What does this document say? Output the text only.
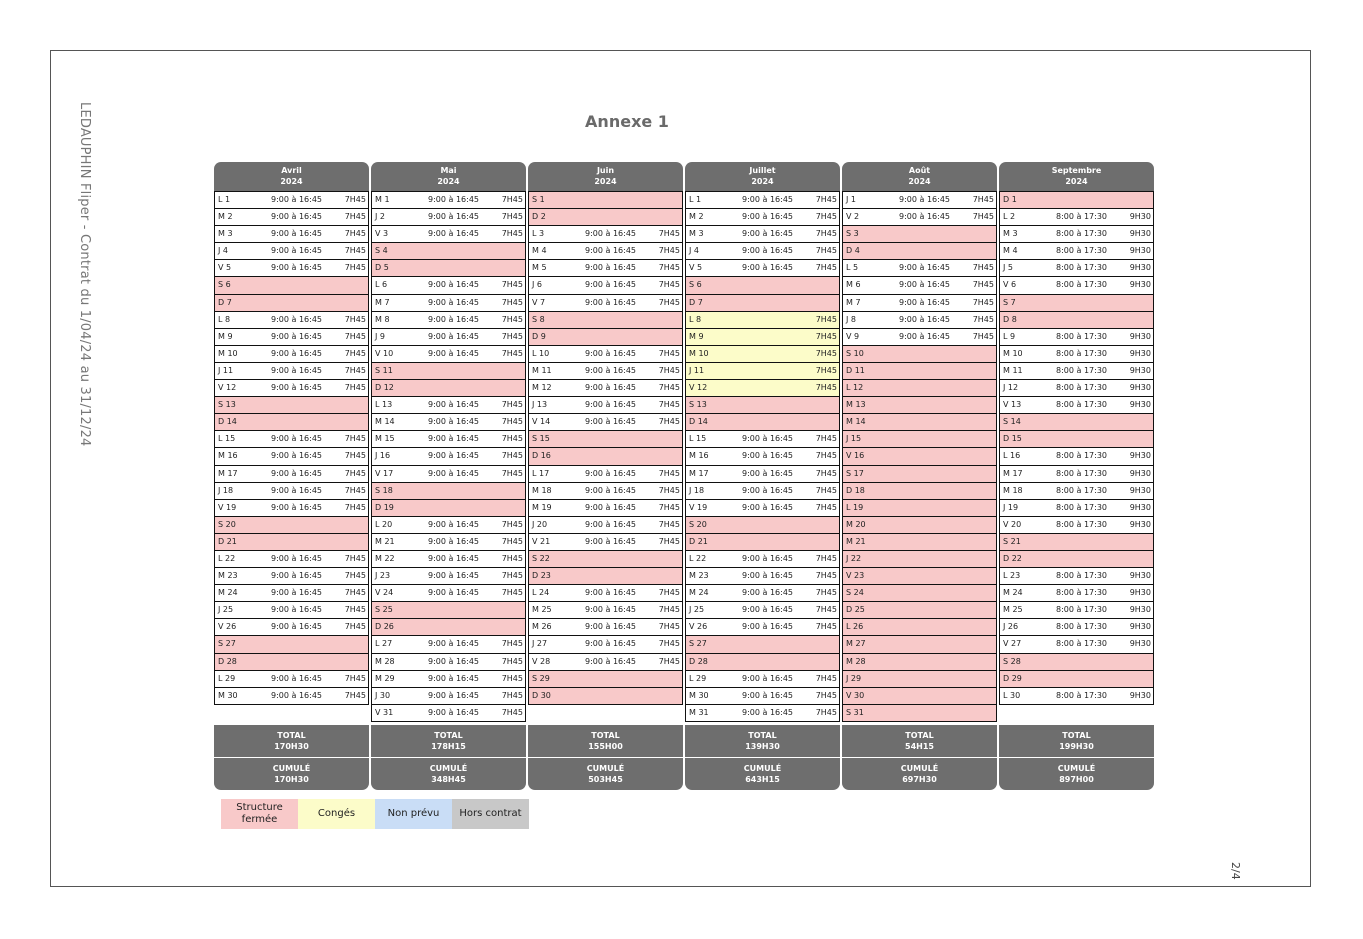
LEDAUPHIN Fliper - Contrat du 1/04/24 au 31/12/24
2/4
Annexe 1
Avril
2024
L 1	9:00 à 16:45	7H45
M 2	9:00 à 16:45	7H45
M 3	9:00 à 16:45	7H45
J 4	9:00 à 16:45	7H45
V 5	9:00 à 16:45	7H45
S 6
D 7
L 8	9:00 à 16:45	7H45
M 9	9:00 à 16:45	7H45
M 10	9:00 à 16:45	7H45
J 11	9:00 à 16:45	7H45
V 12	9:00 à 16:45	7H45
S 13
D 14
L 15	9:00 à 16:45	7H45
M 16	9:00 à 16:45	7H45
M 17	9:00 à 16:45	7H45
J 18	9:00 à 16:45	7H45
V 19	9:00 à 16:45	7H45
S 20
D 21
L 22	9:00 à 16:45	7H45
M 23	9:00 à 16:45	7H45
M 24	9:00 à 16:45	7H45
J 25	9:00 à 16:45	7H45
V 26	9:00 à 16:45	7H45
S 27
D 28
L 29	9:00 à 16:45	7H45
M 30	9:00 à 16:45	7H45
TOTAL
170H30
CUMULÉ
170H30
Mai
2024
M 1	9:00 à 16:45	7H45
J 2	9:00 à 16:45	7H45
V 3	9:00 à 16:45	7H45
S 4
D 5
L 6	9:00 à 16:45	7H45
M 7	9:00 à 16:45	7H45
M 8	9:00 à 16:45	7H45
J 9	9:00 à 16:45	7H45
V 10	9:00 à 16:45	7H45
S 11
D 12
L 13	9:00 à 16:45	7H45
M 14	9:00 à 16:45	7H45
M 15	9:00 à 16:45	7H45
J 16	9:00 à 16:45	7H45
V 17	9:00 à 16:45	7H45
S 18
D 19
L 20	9:00 à 16:45	7H45
M 21	9:00 à 16:45	7H45
M 22	9:00 à 16:45	7H45
J 23	9:00 à 16:45	7H45
V 24	9:00 à 16:45	7H45
S 25
D 26
L 27	9:00 à 16:45	7H45
M 28	9:00 à 16:45	7H45
M 29	9:00 à 16:45	7H45
J 30	9:00 à 16:45	7H45
V 31	9:00 à 16:45	7H45
TOTAL
178H15
CUMULÉ
348H45
Juin
2024
S 1
D 2
L 3	9:00 à 16:45	7H45
M 4	9:00 à 16:45	7H45
M 5	9:00 à 16:45	7H45
J 6	9:00 à 16:45	7H45
V 7	9:00 à 16:45	7H45
S 8
D 9
L 10	9:00 à 16:45	7H45
M 11	9:00 à 16:45	7H45
M 12	9:00 à 16:45	7H45
J 13	9:00 à 16:45	7H45
V 14	9:00 à 16:45	7H45
S 15
D 16
L 17	9:00 à 16:45	7H45
M 18	9:00 à 16:45	7H45
M 19	9:00 à 16:45	7H45
J 20	9:00 à 16:45	7H45
V 21	9:00 à 16:45	7H45
S 22
D 23
L 24	9:00 à 16:45	7H45
M 25	9:00 à 16:45	7H45
M 26	9:00 à 16:45	7H45
J 27	9:00 à 16:45	7H45
V 28	9:00 à 16:45	7H45
S 29
D 30
TOTAL
155H00
CUMULÉ
503H45
Juillet
2024
L 1	9:00 à 16:45	7H45
M 2	9:00 à 16:45	7H45
M 3	9:00 à 16:45	7H45
J 4	9:00 à 16:45	7H45
V 5	9:00 à 16:45	7H45
S 6
D 7
L 8	7H45
M 9	7H45
M 10	7H45
J 11	7H45
V 12	7H45
S 13
D 14
L 15	9:00 à 16:45	7H45
M 16	9:00 à 16:45	7H45
M 17	9:00 à 16:45	7H45
J 18	9:00 à 16:45	7H45
V 19	9:00 à 16:45	7H45
S 20
D 21
L 22	9:00 à 16:45	7H45
M 23	9:00 à 16:45	7H45
M 24	9:00 à 16:45	7H45
J 25	9:00 à 16:45	7H45
V 26	9:00 à 16:45	7H45
S 27
D 28
L 29	9:00 à 16:45	7H45
M 30	9:00 à 16:45	7H45
M 31	9:00 à 16:45	7H45
TOTAL
139H30
CUMULÉ
643H15
Août
2024
J 1	9:00 à 16:45	7H45
V 2	9:00 à 16:45	7H45
S 3
D 4
L 5	9:00 à 16:45	7H45
M 6	9:00 à 16:45	7H45
M 7	9:00 à 16:45	7H45
J 8	9:00 à 16:45	7H45
V 9	9:00 à 16:45	7H45
S 10
D 11
L 12
M 13
M 14
J 15
V 16
S 17
D 18
L 19
M 20
M 21
J 22
V 23
S 24
D 25
L 26
M 27
M 28
J 29
V 30
S 31
TOTAL
54H15
CUMULÉ
697H30
Septembre
2024
D 1
L 2	8:00 à 17:30	9H30
M 3	8:00 à 17:30	9H30
M 4	8:00 à 17:30	9H30
J 5	8:00 à 17:30	9H30
V 6	8:00 à 17:30	9H30
S 7
D 8
L 9	8:00 à 17:30	9H30
M 10	8:00 à 17:30	9H30
M 11	8:00 à 17:30	9H30
J 12	8:00 à 17:30	9H30
V 13	8:00 à 17:30	9H30
S 14
D 15
L 16	8:00 à 17:30	9H30
M 17	8:00 à 17:30	9H30
M 18	8:00 à 17:30	9H30
J 19	8:00 à 17:30	9H30
V 20	8:00 à 17:30	9H30
S 21
D 22
L 23	8:00 à 17:30	9H30
M 24	8:00 à 17:30	9H30
M 25	8:00 à 17:30	9H30
J 26	8:00 à 17:30	9H30
V 27	8:00 à 17:30	9H30
S 28
D 29
L 30	8:00 à 17:30	9H30
TOTAL
199H30
CUMULÉ
897H00
Structure fermée
Congés	Non prévu Hors contrat
